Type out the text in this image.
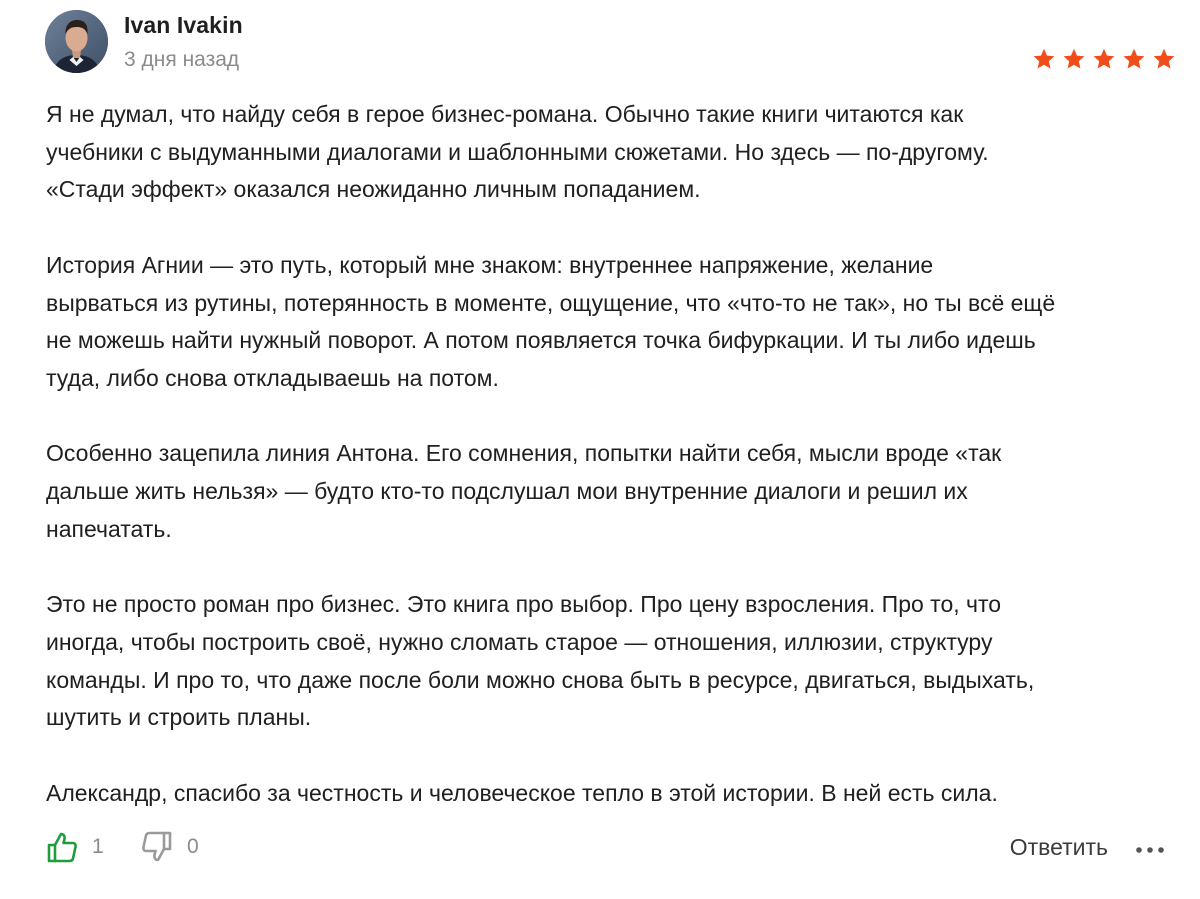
Ivan Ivakin
3 дня назад

Я не думал, что найду себя в герое бизнес-романа. Обычно такие книги читаются как
учебники с выдуманными диалогами и шаблонными сюжетами. Но здесь — по-другому.
«Стади эффект» оказался неожиданно личным попаданием.

История Агнии — это путь, который мне знаком: внутреннее напряжение, желание
вырваться из рутины, потерянность в моменте, ощущение, что «что-то не так», но ты всё ещё
не можешь найти нужный поворот. А потом появляется точка бифуркации. И ты либо идешь
туда, либо снова откладываешь на потом.

Особенно зацепила линия Антона. Его сомнения, попытки найти себя, мысли вроде «так
дальше жить нельзя» — будто кто-то подслушал мои внутренние диалоги и решил их
напечатать.

Это не просто роман про бизнес. Это книга про выбор. Про цену взросления. Про то, что
иногда, чтобы построить своё, нужно сломать старое — отношения, иллюзии, структуру
команды. И про то, что даже после боли можно снова быть в ресурсе, двигаться, выдыхать,
шутить и строить планы.

Александр, спасибо за честность и человеческое тепло в этой истории. В ней есть сила.

1	0	Ответить
